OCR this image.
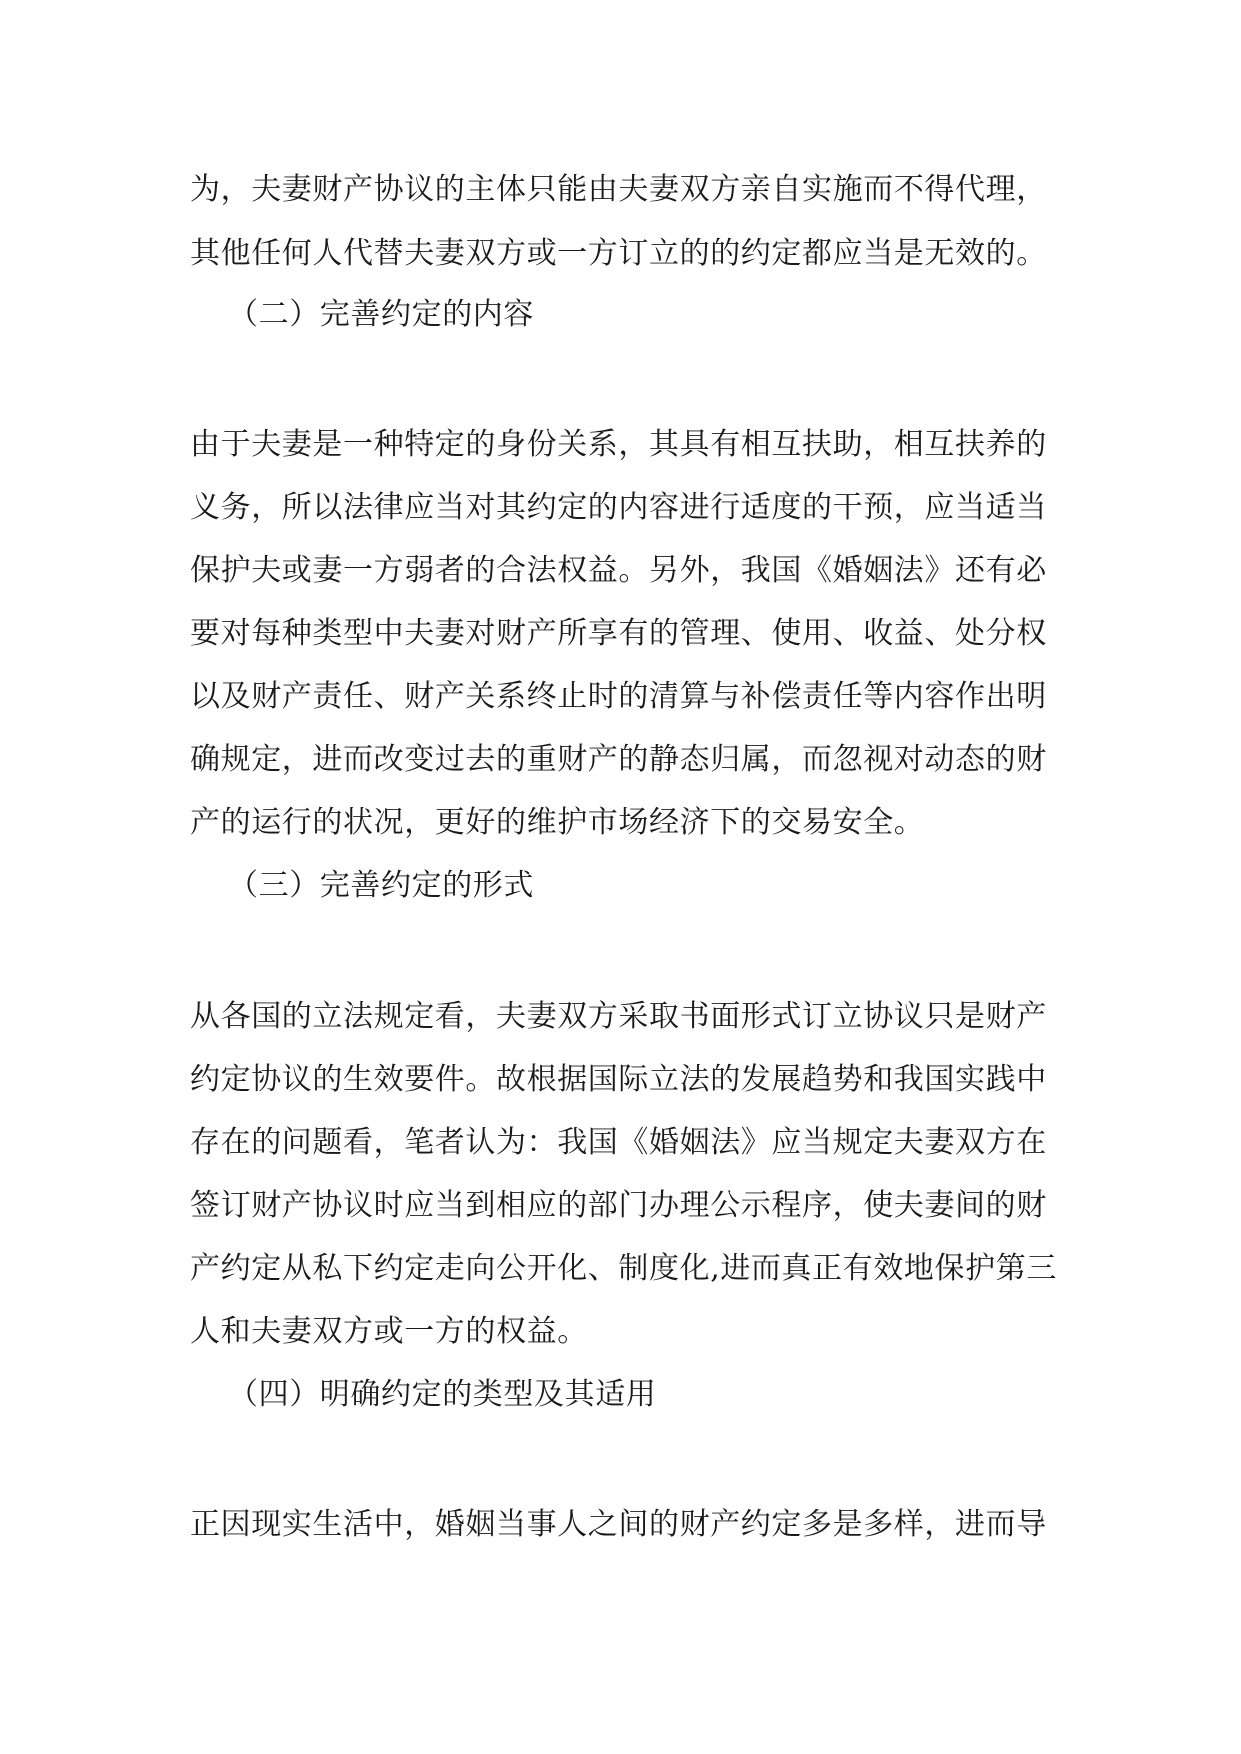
为，夫妻财产协议的主体只能由夫妻双方亲自实施而不得代理，
其他任何人代替夫妻双方或一方订立的的约定都应当是无效的。
（二）完善约定的内容
由于夫妻是一种特定的身份关系，其具有相互扶助，相互扶养的
义务，所以法律应当对其约定的内容进行适度的干预，应当适当
保护夫或妻一方弱者的合法权益。另外，我国《婚姻法》还有必
要对每种类型中夫妻对财产所享有的管理、使用、收益、处分权
以及财产责任、财产关系终止时的清算与补偿责任等内容作出明
确规定，进而改变过去的重财产的静态归属，而忽视对动态的财
产的运行的状况，更好的维护市场经济下的交易安全。
（三）完善约定的形式
从各国的立法规定看，夫妻双方采取书面形式订立协议只是财产
约定协议的生效要件。故根据国际立法的发展趋势和我国实践中
存在的问题看，笔者认为：我国《婚姻法》应当规定夫妻双方在
签订财产协议时应当到相应的部门办理公示程序，使夫妻间的财
产约定从私下约定走向公开化、制度化,进而真正有效地保护第三
人和夫妻双方或一方的权益。
（四）明确约定的类型及其适用
正因现实生活中，婚姻当事人之间的财产约定多是多样，进而导
